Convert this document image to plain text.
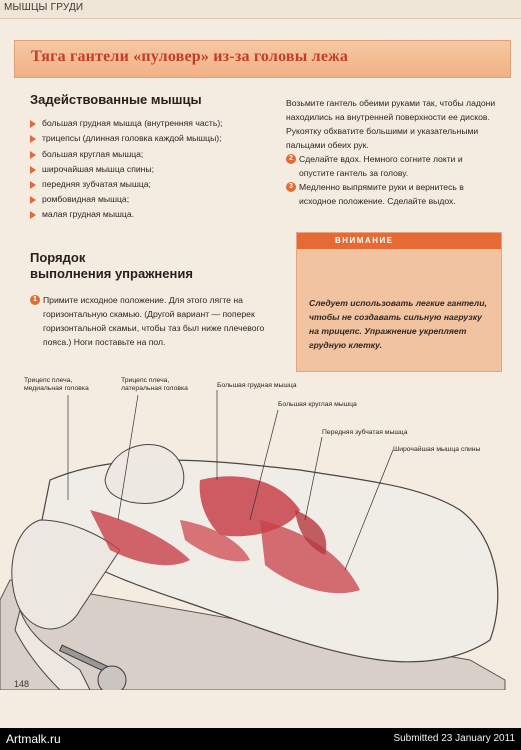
МЫШЦЫ ГРУДИ
Тяга гантели «пуловер» из-за головы лежа
Задействованные мышцы
большая грудная мышца (внутренняя часть);
трицепсы (длинная головка каждой мышцы);
большая круглая мышца;
широчайшая мышца спины;
передняя зубчатая мышца;
ромбовидная мышца;
малая грудная мышца.
Порядок
выполнения упражнения
1 Примите исходное положение. Для этого лягте на горизонтальную скамью. (Другой вариант — поперек горизонтальной скамьи, чтобы таз был ниже плечевого пояса.) Ноги поставьте на пол.
Возьмите гантель обеими руками так, чтобы ладони находились на внутренней поверхности ее дисков. Рукоятку обхватите большими и указательными пальцами обеих рук.
2 Сделайте вдох. Немного согните локти и опустите гантель за голову.
3 Медленно выпрямите руки и вернитесь в исходное положение. Сделайте выдох.
ВНИМАНИЕ
Следует использовать легкие гантели, чтобы не создавать сильную нагрузку на трицепс. Упражнение укрепляет грудную клетку.
Трицепс плеча,
медиальная головка
Трицепс плеча,
латеральная головка	Большая грудная мышца
Большая круглая мышца
Передняя зубчатая мышца
Широчайшая мышца спины
148
Artmalk.ru	Submitted 23 January 2011
